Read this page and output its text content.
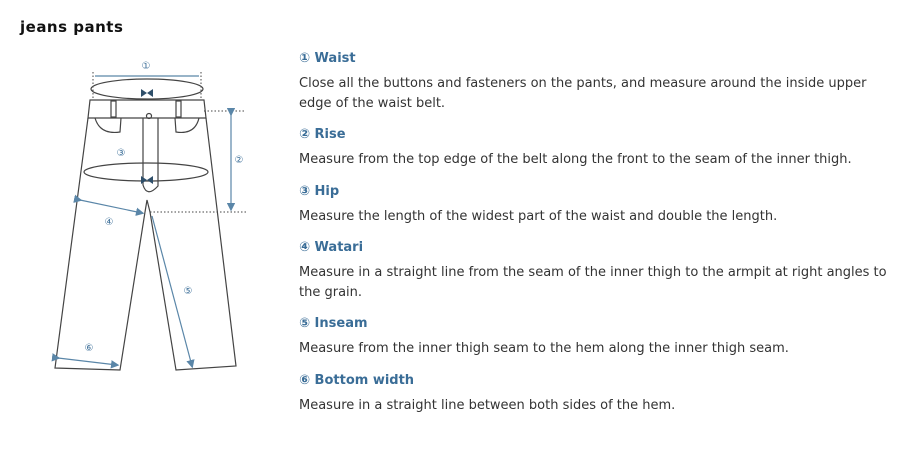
jeans pants
①
②
③
④
⑤
⑥
① Waist
Close all the buttons and fasteners on the pants, and measure around the inside upper edge of the waist belt.
② Rise
Measure from the top edge of the belt along the front to the seam of the inner thigh.
③ Hip
Measure the length of the widest part of the waist and double the length.
④ Watari
Measure in a straight line from the seam of the inner thigh to the armpit at right angles to the grain.
⑤ Inseam
Measure from the inner thigh seam to the hem along the inner thigh seam.
⑥ Bottom width
Measure in a straight line between both sides of the hem.
